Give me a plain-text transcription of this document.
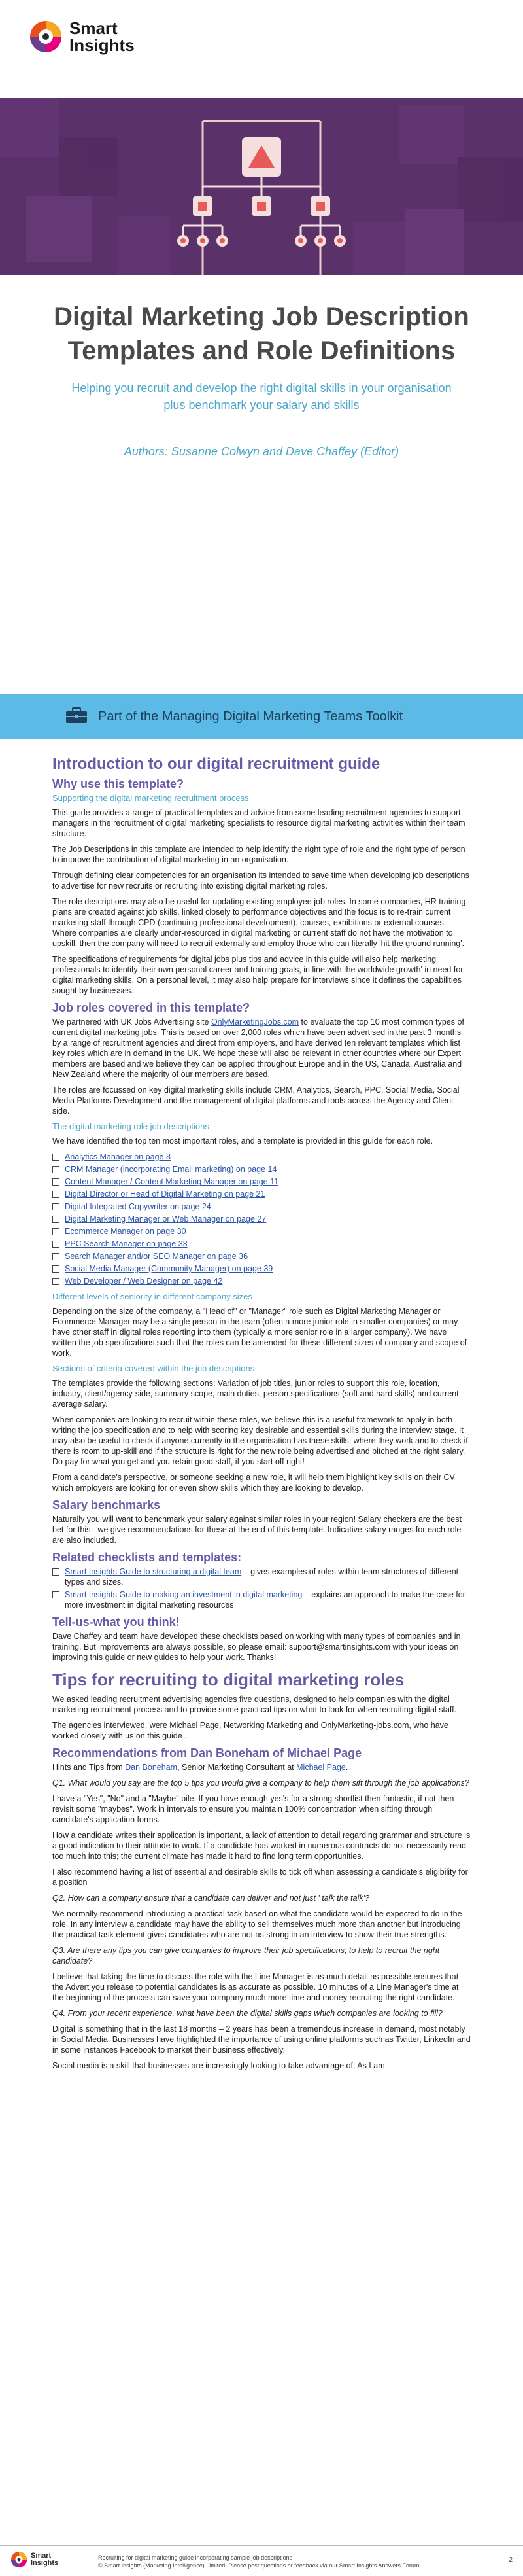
Smart
Insights
Digital Marketing Job Description
Templates and Role Definitions
Helping you recruit and develop the right digital skills in your organisation plus benchmark your salary and skills
Authors: Susanne Colwyn and Dave Chaffey (Editor)
Part of the Managing Digital Marketing Teams Toolkit
Introduction to our digital recruitment guide
Why use this template?
Supporting the digital marketing recruitment process

This guide provides a range of practical templates and advice from some leading recruitment agencies to support managers in the recruitment of digital marketing specialists to resource digital marketing activities within their team structure.

The Job Descriptions in this template are intended to help identify the right type of role and the right type of person to improve the contribution of digital marketing in an organisation.

Through defining clear competencies for an organisation its intended to save time when developing job descriptions to advertise for new recruits or recruiting into existing digital marketing roles.

The role descriptions may also be useful for updating existing employee job roles. In some companies, HR training plans are created against job skills, linked closely to performance objectives and the focus is to re-train current marketing staff through CPD (continuing professional development), courses, exhibitions or external courses. Where companies are clearly under-resourced in digital marketing or current staff do not have the motivation to upskill, then the company will need to recruit externally and employ those who can literally 'hit the ground running'.

The specifications of requirements for digital jobs plus tips and advice in this guide will also help marketing professionals to identify their own personal career and training goals, in line with the worldwide growth' in need for digital marketing skills. On a personal level, it may also help prepare for interviews since it defines the capabilities sought by businesses.

Job roles covered in this template?

We partnered with UK Jobs Advertising site OnlyMarketingJobs.com to evaluate the top 10 most common types of current digital marketing jobs. This is based on over 2,000 roles which have been advertised in the past 3 months by a range of recruitment agencies and direct from employers, and have derived ten relevant templates which list key roles which are in demand in the UK. We hope these will also be relevant in other countries where our Expert members are based and we believe they can be applied throughout Europe and in the US, Canada, Australia and New Zealand where the majority of our members are based.

The roles are focussed on key digital marketing skills include CRM, Analytics, Search, PPC, Social Media, Social Media Platforms Development and the management of digital platforms and tools across the Agency and Client-side.

The digital marketing role job descriptions

We have identified the top ten most important roles, and a template is provided in this guide for each role.

Analytics Manager on page 8
CRM Manager (incorporating Email marketing) on page 14
Content Manager / Content Marketing Manager on page 11
Digital Director or Head of Digital Marketing on page 21
Digital Integrated Copywriter on page 24
Digital Marketing Manager or Web Manager on page 27
Ecommerce Manager on page 30
PPC Search Manager on page 33
Search Manager and/or SEO Manager on page 36
Social Media Manager (Community Manager) on page 39
Web Developer / Web Designer on page 42
Different levels of seniority in different company sizes

Depending on the size of the company, a "Head of" or "Manager" role such as Digital Marketing Manager or Ecommerce Manager may be a single person in the team (often a more junior role in smaller companies) or may have other staff in digital roles reporting into them (typically a more senior role in a larger company). We have written the job specifications such that the roles can be amended for these different sizes of company and scope of work.

Sections of criteria covered within the job descriptions

The templates provide the following sections: Variation of job titles, junior roles to support this role, location, industry, client/agency-side, summary scope, main duties, person specifications (soft and hard skills) and current average salary.

When companies are looking to recruit within these roles, we believe this is a useful framework to apply in both writing the job specification and to help with scoring key desirable and essential skills during the interview stage. It may also be useful to check if anyone currently in the organisation has these skills, where they work and to check if there is room to up-skill and if the structure is right for the new role being advertised and pitched at the right salary. Do pay for what you get and you retain good staff, if you start off right!

From a candidate's perspective, or someone seeking a new role, it will help them highlight key skills on their CV which employers are looking for or even show skills which they are looking to develop.

Salary benchmarks

Naturally you will want to benchmark your salary against similar roles in your region! Salary checkers are the best bet for this - we give recommendations for these at the end of this template. Indicative salary ranges for each role are also included.

Related checklists and templates:
Smart Insights Guide to structuring a digital team – gives examples of roles within team structures of different types and sizes.
Smart Insights Guide to making an investment in digital marketing – explains an approach to make the case for more investment in digital marketing resources
Tell-us-what you think!

Dave Chaffey and team have developed these checklists based on working with many types of companies and in training. But improvements are always possible, so please email: support@smartinsights.com with your ideas on improving this guide or new guides to help your work. Thanks!

Tips for recruiting to digital marketing roles

We asked leading recruitment advertising agencies five questions, designed to help companies with the digital marketing recruitment process and to provide some practical tips on what to look for when recruiting digital staff.

The agencies interviewed, were Michael Page, Networking Marketing and OnlyMarketing-jobs.com, who have worked closely with us on this guide .

Recommendations from Dan Boneham of Michael Page

Hints and Tips from Dan Boneham, Senior Marketing Consultant at Michael Page.

Q1. What would you say are the top 5 tips you would give a company to help them sift through the job applications?

I have a "Yes", "No" and a "Maybe" pile. If you have enough yes's for a strong shortlist then fantastic, if not then revisit some "maybes". Work in intervals to ensure you maintain 100% concentration when sifting through candidate's application forms.

How a candidate writes their application is important, a lack of attention to detail regarding grammar and structure is a good indication to their attitude to work. If a candidate has worked in numerous contracts do not necessarily read too much into this; the current climate has made it hard to find long term opportunities.

I also recommend having a list of essential and desirable skills to tick off when assessing a candidate's eligibility for a position

Q2. How can a company ensure that a candidate can deliver and not just ' talk the talk'?

We normally recommend introducing a practical task based on what the candidate would be expected to do in the role. In any interview a candidate may have the ability to sell themselves much more than another but introducing the practical task element gives candidates who are not as strong in an interview to show their true strengths.

Q3. Are there any tips you can give companies to improve their job specifications; to help to recruit the right candidate?

I believe that taking the time to discuss the role with the Line Manager is as much detail as possible ensures that the Advert you release to potential candidates is as accurate as possible. 10 minutes of a Line Manager's time at the beginning of the process can save your company much more time and money recruiting the right candidate.

Q4. From your recent experience, what have been the digital skills gaps which companies are looking to fill?

Digital is something that in the last 18 months – 2 years has been a tremendous increase in demand, most notably in Social Media. Businesses have highlighted the importance of using online platforms such as Twitter, LinkedIn and in some instances Facebook to market their business effectively.

Social media is a skill that businesses are increasingly looking to take advantage of. As I am

Smart
Insights
Recruiting for digital marketing guide incorporating sample job descriptions
© Smart Insights (Marketing Intelligence) Limited. Please post questions or feedback via our Smart Insights Answers Forum.
2
